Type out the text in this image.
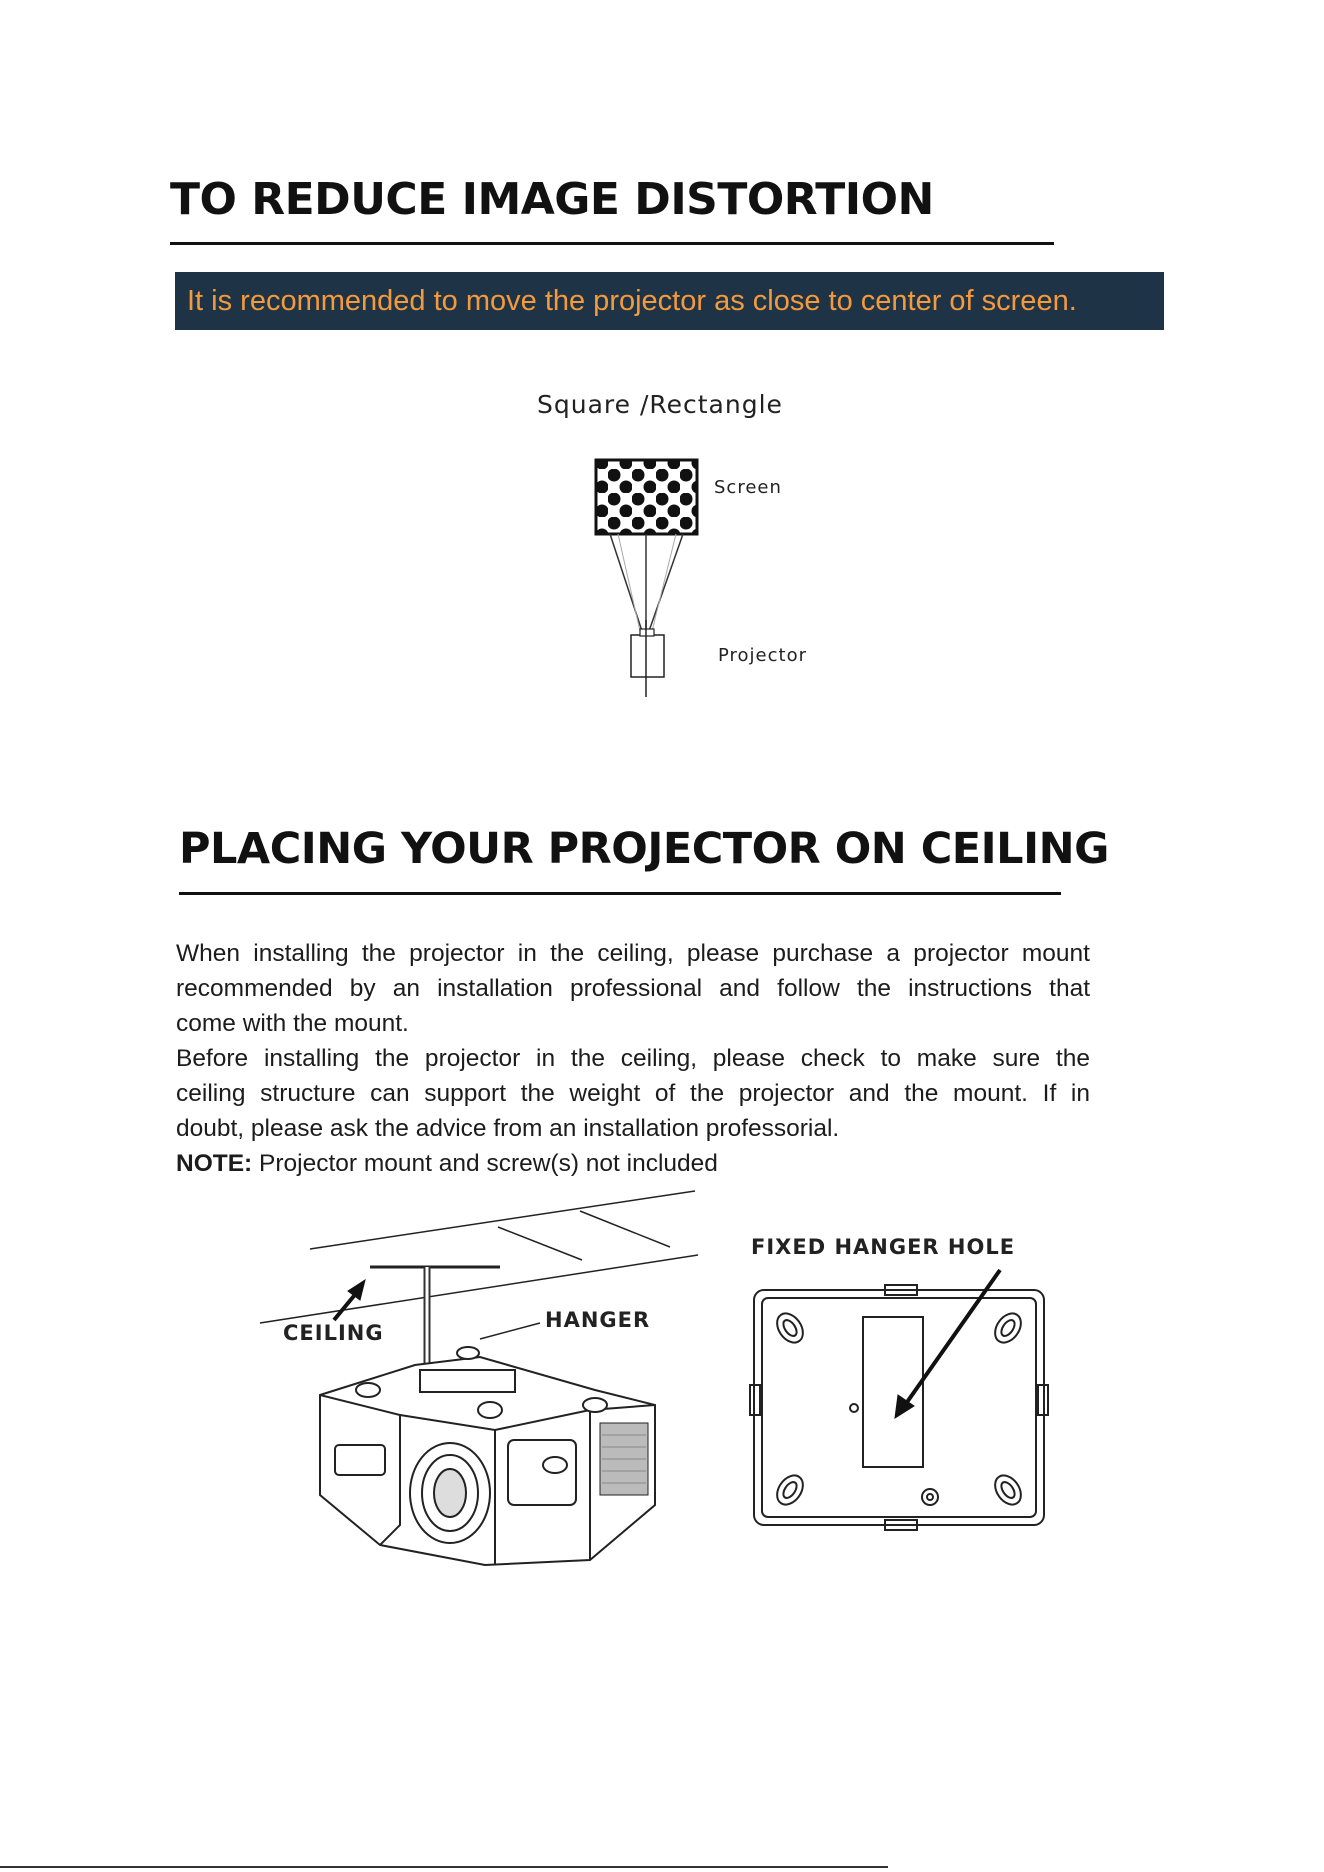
TO REDUCE IMAGE DISTORTION
It is recommended to move the projector as close to center of screen.
Square /Rectangle
Screen
Projector
PLACING YOUR PROJECTOR ON CEILING
When installing the projector in the ceiling, please purchase a projector mount
recommended by an installation professional and follow the instructions that
come with the mount.
Before installing the projector in the ceiling, please check to make sure the
ceiling structure can support the weight of the projector and the mount. If in
doubt, please ask the advice from an installation professorial.
NOTE: Projector mount and screw(s) not included
CEILING
HANGER
FIXED HANGER HOLE
